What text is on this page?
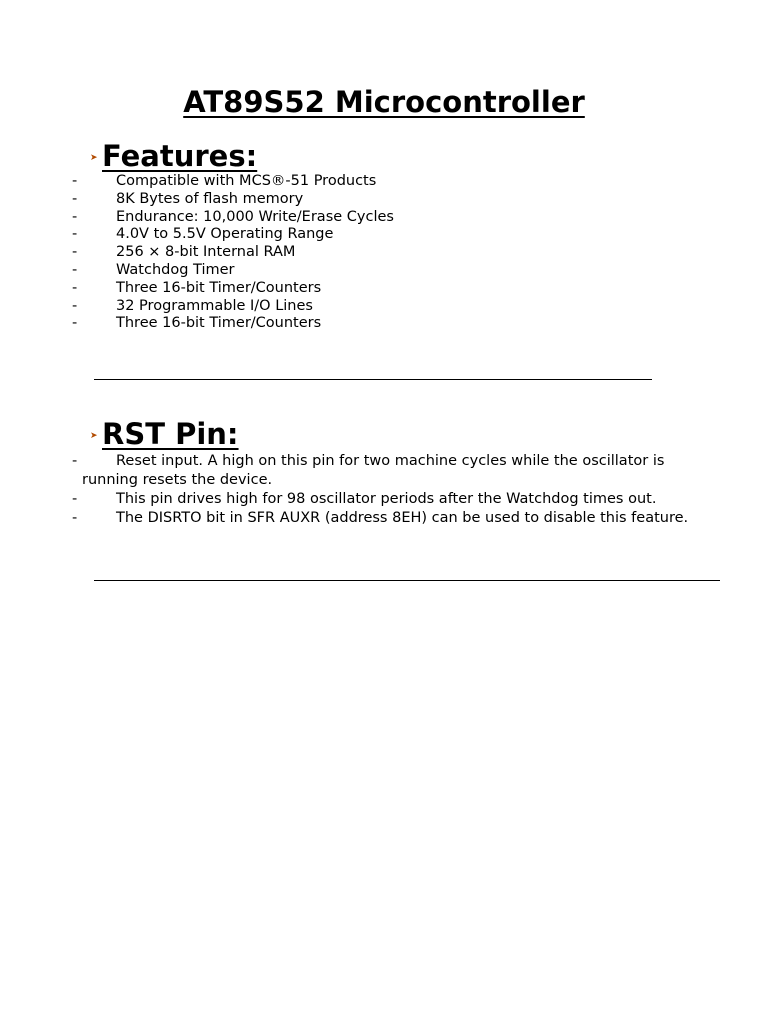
AT89S52 Microcontroller
➤ Features:
-	Compatible with MCS®-51 Products
-	8K Bytes of flash memory
-	Endurance: 10,000 Write/Erase Cycles
-	4.0V to 5.5V Operating Range
-	256 × 8-bit Internal RAM
-	Watchdog Timer
-	Three 16-bit Timer/Counters
-	32 Programmable I/O Lines
-	Three 16-bit Timer/Counters
➤ RST Pin:
-	Reset input. A high on this pin for two machine cycles while the oscillator is running resets the device.
-	This pin drives high for 98 oscillator periods after the Watchdog times out.
-	The DISRTO bit in SFR AUXR (address 8EH) can be used to disable this feature.
